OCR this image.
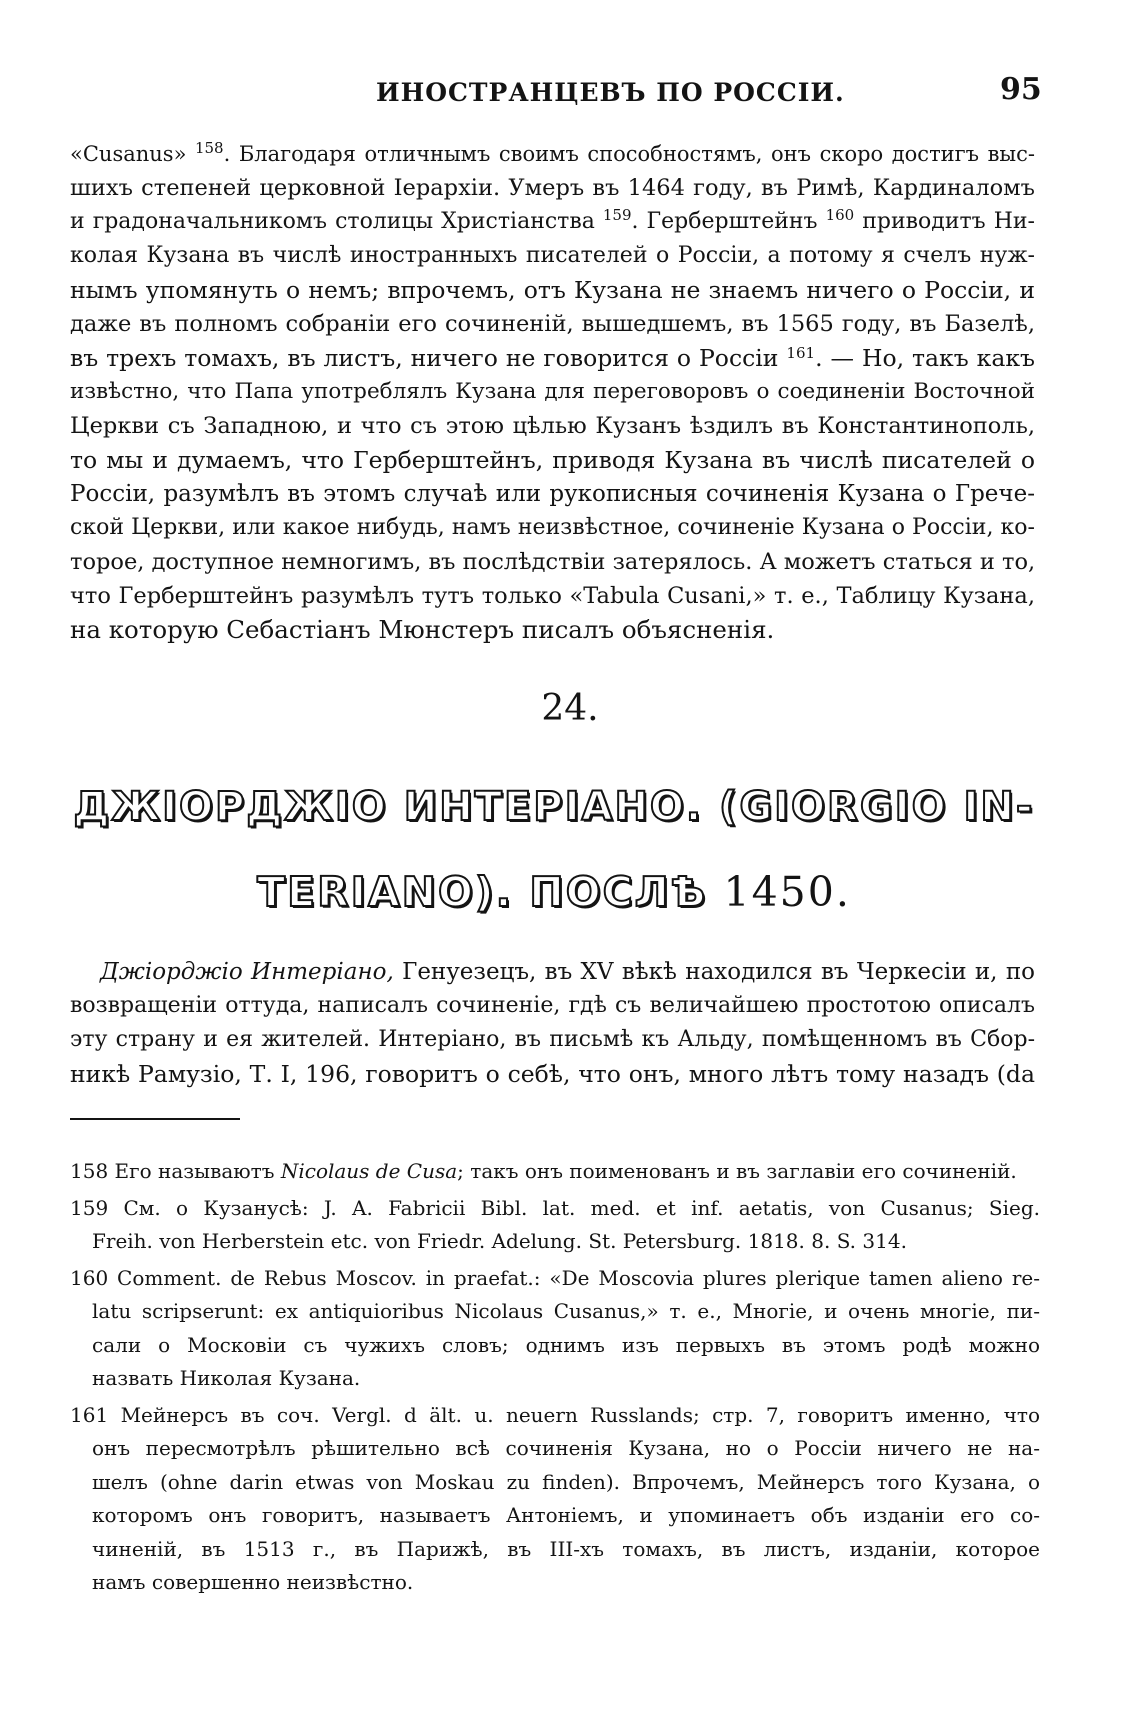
ИНОСТРАНЦЕВЪ ПО РОССІИ.	95
«Cusanus» $^{158}$. Благодаря отличнымъ своимъ способностямъ, онъ скоро достигъ выс-
шихъ степеней церковной Іерархіи. Умеръ въ 1464 году, въ Римѣ, Кардиналомъ
и градоначальникомъ столицы Христіанства $^{159}$. Герберштейнъ $^{160}$ приводитъ Ни-
колая Кузана въ числѣ иностранныхъ писателей о Россіи, а потому я счелъ нуж-
нымъ упомянуть о немъ; впрочемъ, отъ Кузана не знаемъ ничего о Россіи, и
даже въ полномъ собраніи его сочиненій, вышедшемъ, въ 1565 году, въ Базелѣ,
въ трехъ томахъ, въ листъ, ничего не говорится о Россіи $^{161}$. — Но, такъ какъ
извѣстно, что Папа употреблялъ Кузана для переговоровъ о соединеніи Восточной
Церкви съ Западною, и что съ этою цѣлью Кузанъ ѣздилъ въ Константинополь,
то мы и думаемъ, что Герберштейнъ, приводя Кузана въ числѣ писателей о
Россіи, разумѣлъ въ этомъ случаѣ или рукописныя сочиненія Кузана о Грече-
ской Церкви, или какое нибудь, намъ неизвѣстное, сочиненіе Кузана о Россіи, ко-
торое, доступное немногимъ, въ послѣдствіи затерялось. А можетъ статься и то,
что Герберштейнъ разумѣлъ тутъ только «Tabula Cusani,» т. е., Таблицу Кузана,
на которую Себастіанъ Мюнстеръ писалъ объясненія.
24.
ДЖІОРДЖІО ИНТЕРІАНО. (GIORGIO IN-
TERIANO). ПОСЛѢ 1450.
Джіорджіо Интеріано, Генуезецъ, въ XV вѣкѣ находился въ Черкесіи и, по
возвращеніи оттуда, написалъ сочиненіе, гдѣ съ величайшею простотою описалъ
эту страну и ея жителей. Интеріано, въ письмѣ къ Альду, помѣщенномъ въ Сбор-
никѣ Рамузіо, Т. I, 196, говоритъ о себѣ, что онъ, много лѣтъ тому назадъ (da
158 Его называютъ Nicolaus de Cusa; такъ онъ поименованъ и въ заглавіи его сочиненій.
159 См. о Кузанусѣ: J. A. Fabricii Bibl. lat. med. et inf. aetatis, von Cusanus; Sieg.
Freih. von Herberstein etc. von Friedr. Adelung. St. Petersburg. 1818. 8. S. 314.
160 Comment. de Rebus Moscov. in praefat.: «De Moscovia plures plerique tamen alieno re-
latu scripserunt: ex antiquioribus Nicolaus Cusanus,» т. е., Многіе, и очень многіе, пи-
сали о Московіи съ чужихъ словъ; однимъ изъ первыхъ въ этомъ родѣ можно
назвать Николая Кузана.
161 Мейнерсъ въ соч. Vergl. d ält. u. neuern Russlands; стр. 7, говоритъ именно, что
онъ пересмотрѣлъ рѣшительно всѣ сочиненія Кузана, но о Россіи ничего не на-
шелъ (ohne darin etwas von Moskau zu finden). Впрочемъ, Мейнерсъ того Кузана, о
которомъ онъ говоритъ, называетъ Антоніемъ, и упоминаетъ объ изданіи его со-
чиненій, въ 1513 г., въ Парижѣ, въ III-хъ томахъ, въ листъ, изданіи, которое
намъ совершенно неизвѣстно.
